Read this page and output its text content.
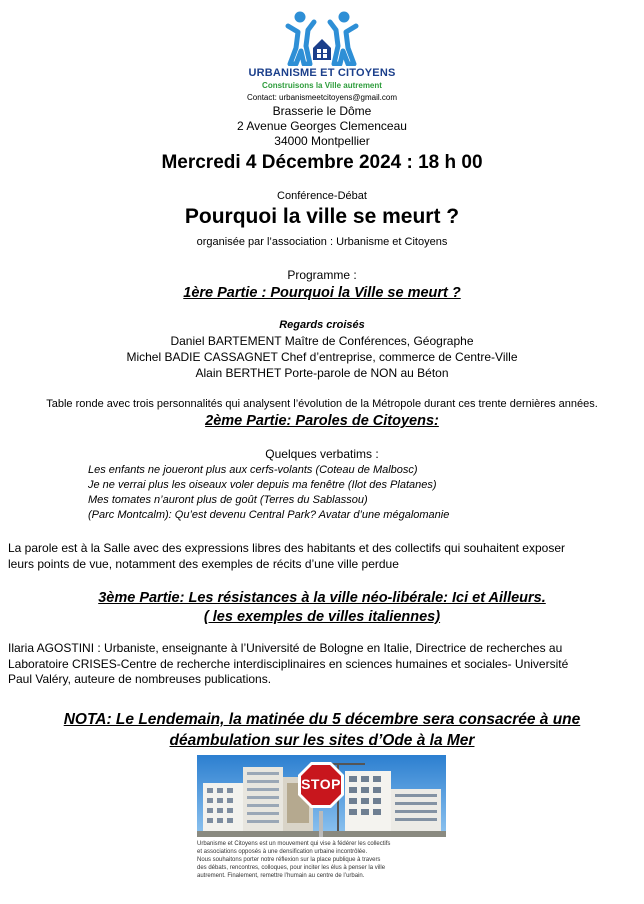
URBANISME ET CITOYENS
Construisons la Ville autrement
Contact: urbanismeetcitoyens@gmail.com
Brasserie le Dôme
2 Avenue Georges Clemenceau
34000 Montpellier
Mercredi 4 Décembre 2024 : 18 h 00
Conférence-Débat
Pourquoi la ville se meurt ?
organisée par l’association : Urbanisme et Citoyens
Programme :
1ère Partie : Pourquoi la Ville se meurt ?
Regards croisés
Daniel BARTEMENT Maître de Conférences, Géographe
Michel BADIE CASSAGNET Chef d’entreprise, commerce de Centre-Ville
Alain BERTHET Porte-parole de NON au Béton
Table ronde avec trois personnalités qui analysent l’évolution de la Métropole durant ces trente dernières années.
2ème Partie: Paroles de Citoyens:
Quelques verbatims :
Les enfants ne joueront plus aux cerfs-volants (Coteau de Malbosc)
Je ne verrai plus les oiseaux voler depuis ma fenêtre (Ilot des Platanes)
Mes tomates n’auront plus de goût (Terres du Sablassou)
(Parc Montcalm): Qu’est devenu Central Park? Avatar d’une mégalomanie
La parole est à la Salle avec des expressions libres des habitants et des collectifs qui souhaitent exposer
leurs points de vue, notamment des exemples de récits d’une ville perdue
3ème Partie: Les résistances à la ville néo-libérale: Ici et Ailleurs.
( les exemples de villes italiennes)
Ilaria AGOSTINI : Urbaniste, enseignante à l’Université de Bologne en Italie, Directrice de recherches au
Laboratoire CRISES-Centre de recherche interdisciplinaires en sciences humaines et sociales- Université
Paul Valéry, auteure de nombreuses publications.
NOTA: Le Lendemain, la matinée du 5 décembre sera consacrée à une
déambulation sur les sites d’Ode à la Mer
STOP
Urbanisme et Citoyens est un mouvement qui vise à fédérer les collectifs
et associations opposés à une densification urbaine incontrôlée.
Nous souhaitons porter notre réflexion sur la place publique à travers
des débats, rencontres, colloques, pour inciter les élus à penser la ville
autrement. Finalement, remettre l’humain au centre de l’urbain.
